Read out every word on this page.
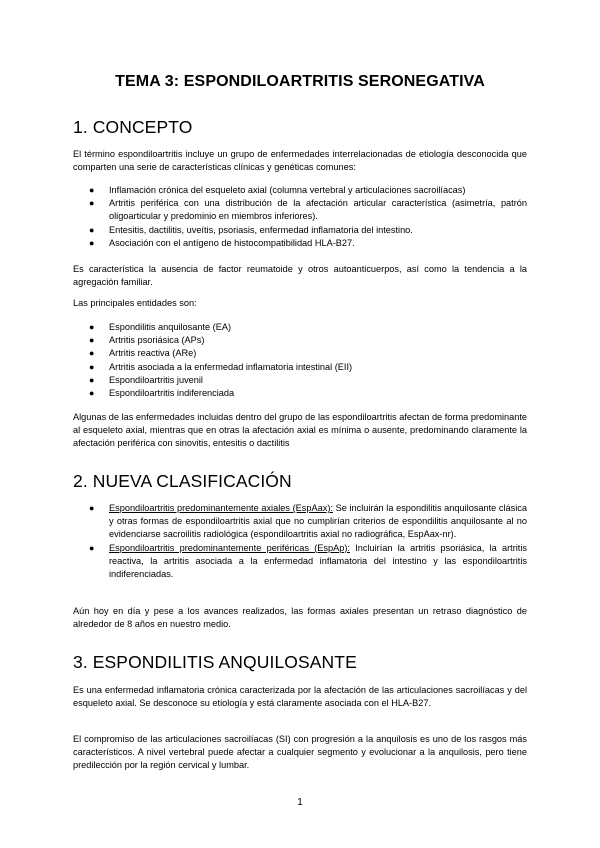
TEMA 3: ESPONDILOARTRITIS SERONEGATIVA
1. CONCEPTO

El término espondiloartritis incluye un grupo de enfermedades interrelacionadas de etiología desconocida que comparten una serie de características clínicas y genéticas comunes:

● Inflamación crónica del esqueleto axial (columna vertebral y articulaciones sacroilíacas)
● Artritis periférica con una distribución de la afectación articular característica (asimetría, patrón oligoarticular y predominio en miembros inferiores).
● Entesitis, dactilitis, uveítis, psoriasis, enfermedad inflamatoria del intestino.
● Asociación con el antígeno de histocompatibilidad HLA-B27.

Es característica la ausencia de factor reumatoide y otros autoanticuerpos, así como la tendencia a la agregación familiar.

Las principales entidades son:

● Espondilitis anquilosante (EA)
● Artritis psoriásica (APs)
● Artritis reactiva (ARe)
● Artritis asociada a la enfermedad inflamatoria intestinal (EII)
● Espondiloartritis juvenil
● Espondiloartritis indiferenciada

Algunas de las enfermedades incluidas dentro del grupo de las espondiloartritis afectan de forma predominante al esqueleto axial, mientras que en otras la afectación axial es mínima o ausente, predominando claramente la afectación periférica con sinovitis, entesitis o dactilitis

2. NUEVA CLASIFICACIÓN
● Espondiloartritis predominantemente axiales (EspAax): Se incluirán la espondilitis anquilosante clásica y otras formas de espondiloartritis axial que no cumplirían criterios de espondilitis anquilosante al no evidenciarse sacroilitis radiológica (espondiloartritis axial no radiográfica, EspAax-nr).
● Espondiloartritis predominantemente periféricas (EspAp): Incluirían la artritis psoriásica, la artritis reactiva, la artritis asociada a la enfermedad inflamatoria del intestino y las espondiloartritis indiferenciadas.

Aún hoy en día y pese a los avances realizados, las formas axiales presentan un retraso diagnóstico de alrededor de 8 años en nuestro medio.

3. ESPONDILITIS ANQUILOSANTE

Es una enfermedad inflamatoria crónica caracterizada por la afectación de las articulaciones sacroilíacas y del esqueleto axial. Se desconoce su etiología y está claramente asociada con el HLA-B27.

El compromiso de las articulaciones sacroilíacas (SI) con progresión a la anquilosis es uno de los rasgos más característicos. A nivel vertebral puede afectar a cualquier segmento y evolucionar a la anquilosis, pero tiene predilección por la región cervical y lumbar.

1
